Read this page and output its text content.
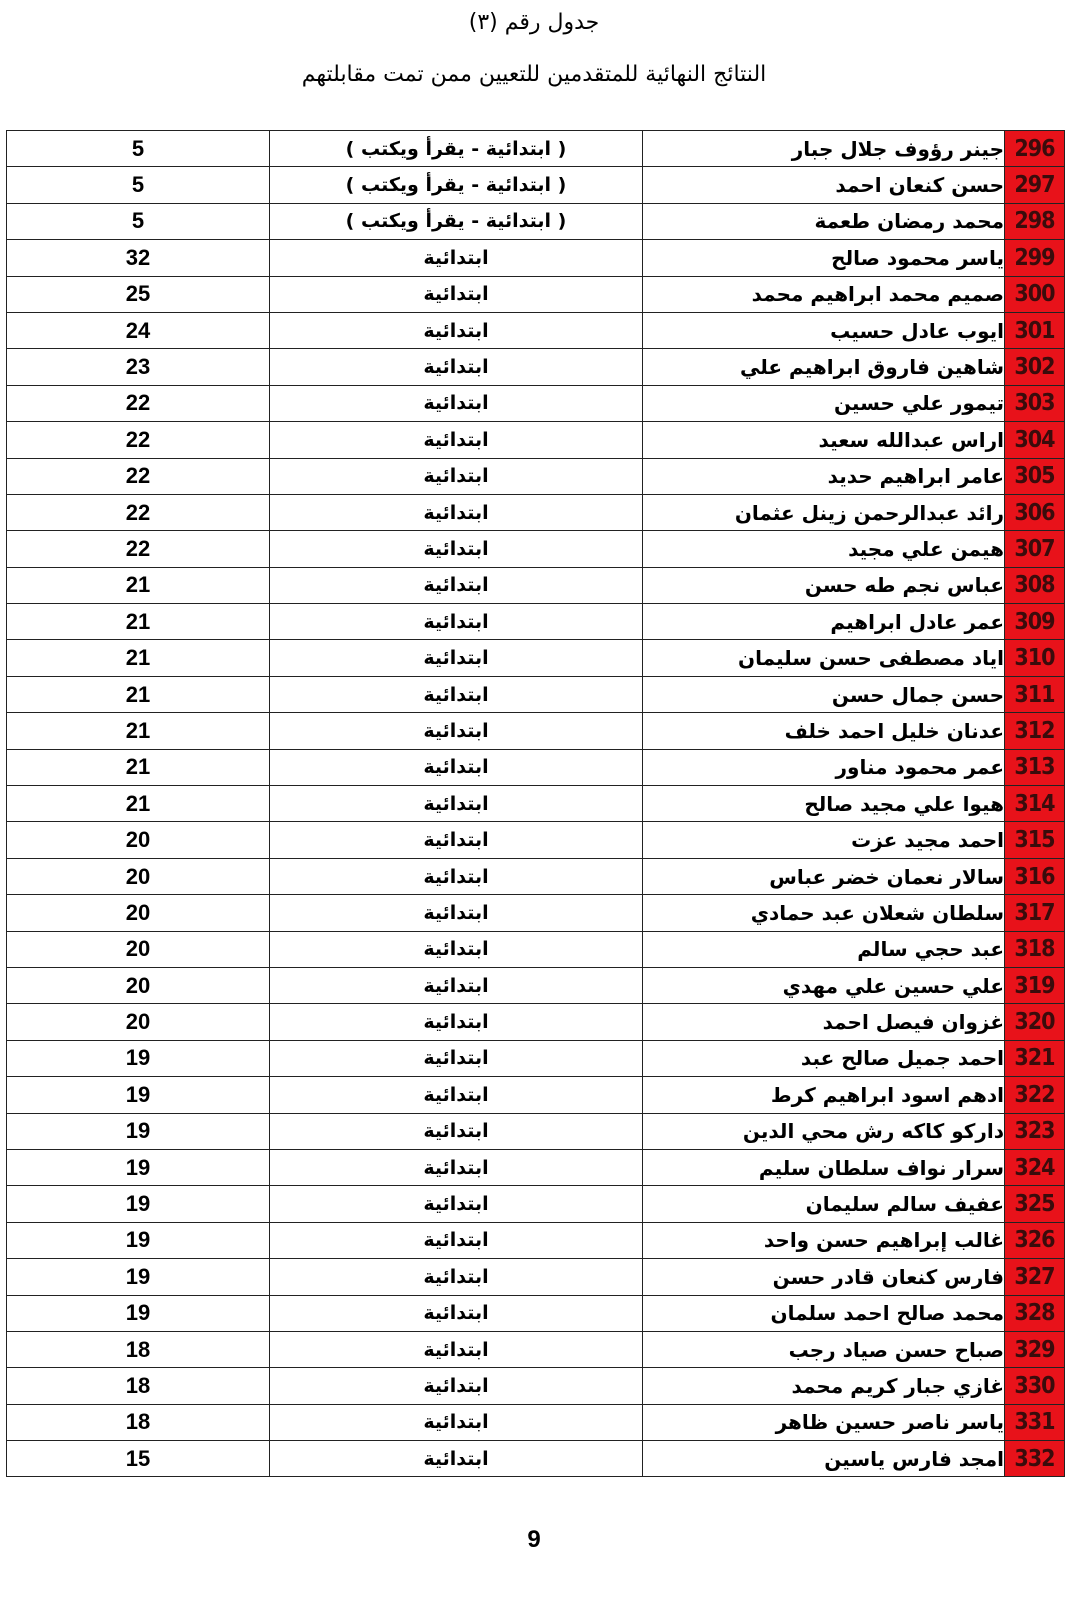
جدول رقم (٣)
النتائج النهائية للمتقدمين للتعيين ممن تمت مقابلتهم
296	جينر رؤوف جلال جبار	( ابتدائية - يقرأ ويكتب )	5
297	حسن كنعان احمد	( ابتدائية - يقرأ ويكتب )	5
298	محمد رمضان طعمة	( ابتدائية - يقرأ ويكتب )	5
299	ياسر محمود صالح	ابتدائية	32
300	صميم محمد ابراهيم محمد	ابتدائية	25
301	ايوب عادل حسيب	ابتدائية	24
302	شاهين فاروق ابراهيم علي	ابتدائية	23
303	تيمور علي حسين	ابتدائية	22
304	اراس عبدالله سعيد	ابتدائية	22
305	عامر ابراهيم حديد	ابتدائية	22
306	رائد عبدالرحمن زينل عثمان	ابتدائية	22
307	هيمن علي مجيد	ابتدائية	22
308	عباس نجم طه حسن	ابتدائية	21
309	عمر عادل ابراهيم	ابتدائية	21
310	اياد مصطفى حسن سليمان	ابتدائية	21
311	حسن جمال حسن	ابتدائية	21
312	عدنان خليل احمد خلف	ابتدائية	21
313	عمر محمود مناور	ابتدائية	21
314	هيوا علي مجيد صالح	ابتدائية	21
315	احمد مجيد عزت	ابتدائية	20
316	سالار نعمان خضر عباس	ابتدائية	20
317	سلطان شعلان عبد حمادي	ابتدائية	20
318	عبد حجي سالم	ابتدائية	20
319	علي حسين علي مهدي	ابتدائية	20
320	غزوان فيصل احمد	ابتدائية	20
321	احمد جميل صالح عبد	ابتدائية	19
322	ادهم اسود ابراهيم كرط	ابتدائية	19
323	داركو كاكه رش محي الدين	ابتدائية	19
324	سرار نواف سلطان سليم	ابتدائية	19
325	عفيف سالم سليمان	ابتدائية	19
326	غالب إبراهيم حسن واحد	ابتدائية	19
327	فارس كنعان قادر حسن	ابتدائية	19
328	محمد صالح احمد سلمان	ابتدائية	19
329	صباح حسن صياد رجب	ابتدائية	18
330	غازي جبار كريم محمد	ابتدائية	18
331	ياسر ناصر حسين ظاهر	ابتدائية	18
332	امجد فارس ياسين	ابتدائية	15
9
